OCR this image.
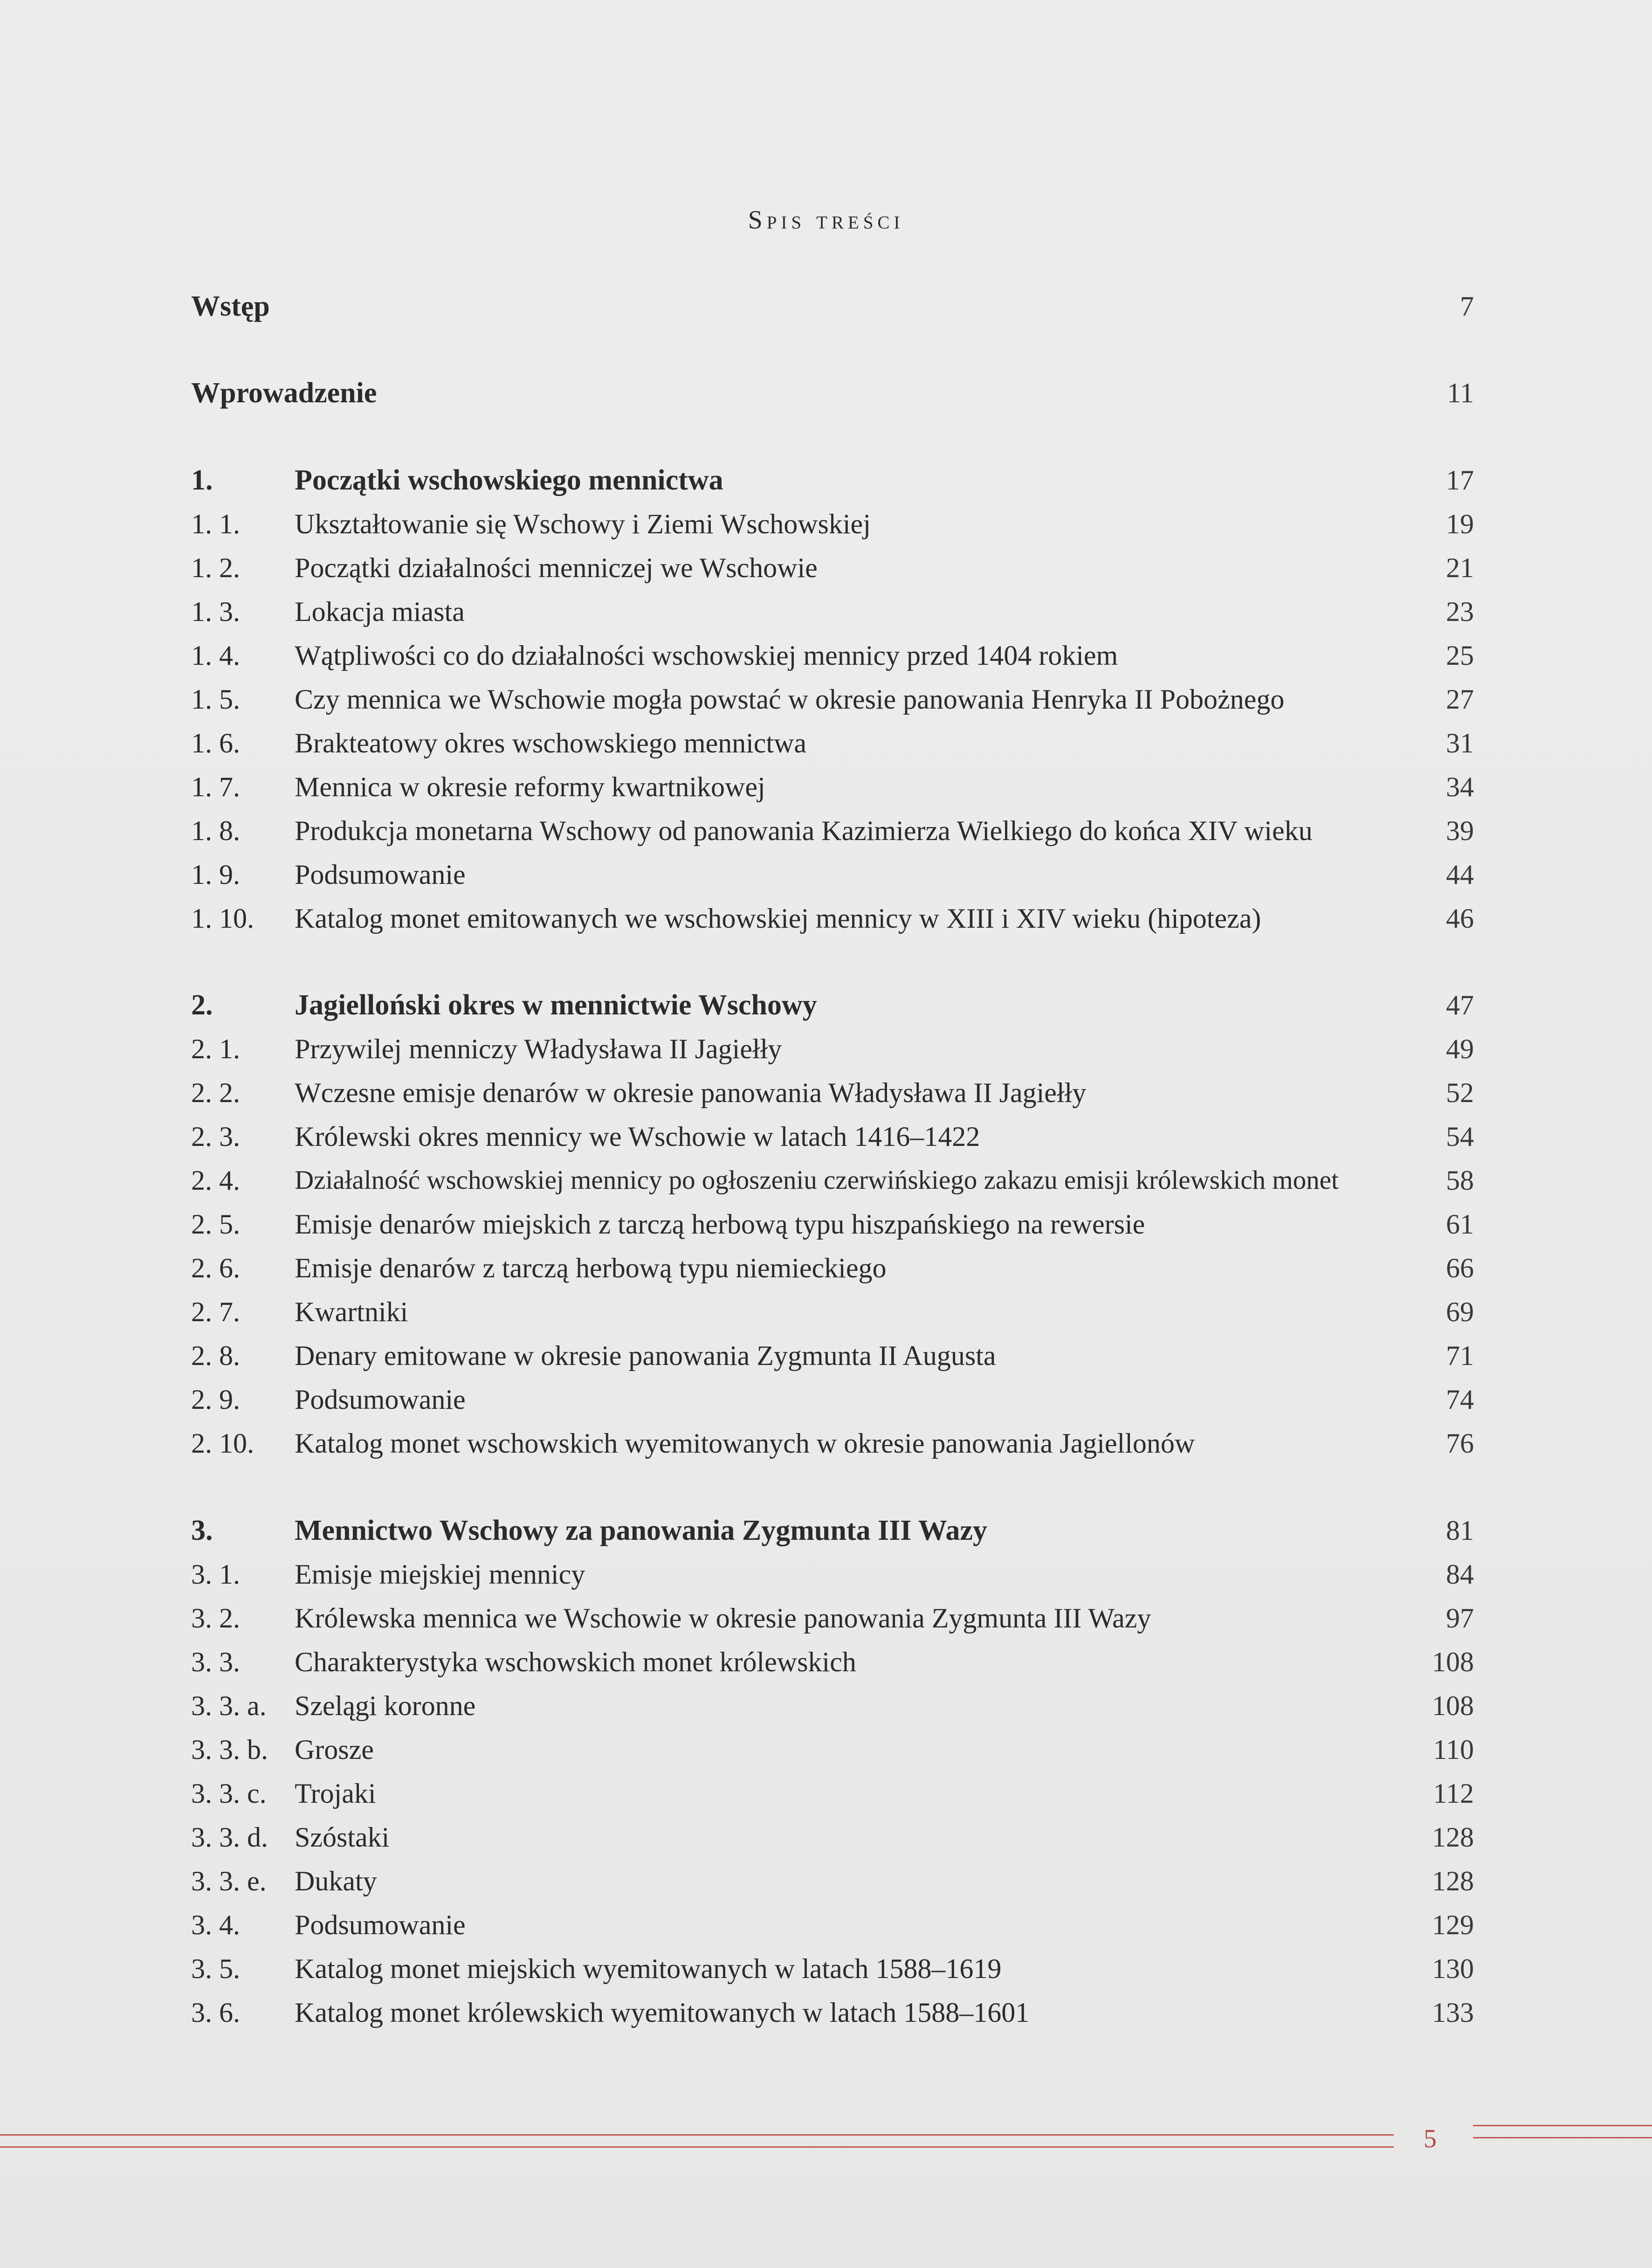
Spis treści
Wstęp	7
Wprowadzenie	11
1.	Początki wschowskiego mennictwa	17
1. 1. Ukształtowanie się Wschowy i Ziemi Wschowskiej	19
1. 2. Początki działalności menniczej we Wschowie	21
1. 3. Lokacja miasta	23
1. 4. Wątpliwości co do działalności wschowskiej mennicy przed 1404 rokiem	25
1. 5. Czy mennica we Wschowie mogła powstać w okresie panowania Henryka II Pobożnego	27
1. 6. Brakteatowy okres wschowskiego mennictwa	31
1. 7. Mennica w okresie reformy kwartnikowej	34
1. 8. Produkcja monetarna Wschowy od panowania Kazimierza Wielkiego do końca XIV wieku	39
1. 9. Podsumowanie	44
1. 10. Katalog monet emitowanych we wschowskiej mennicy w XIII i XIV wieku (hipoteza)	46
2.	Jagielloński okres w mennictwie Wschowy	47
2. 1. Przywilej menniczy Władysława II Jagiełły	49
2. 2. Wczesne emisje denarów w okresie panowania Władysława II Jagiełły	52
2. 3. Królewski okres mennicy we Wschowie w latach 1416–1422	54
2. 4. Działalność wschowskiej mennicy po ogłoszeniu czerwińskiego zakazu emisji królewskich monet	58
2. 5. Emisje denarów miejskich z tarczą herbową typu hiszpańskiego na rewersie	61
2. 6. Emisje denarów z tarczą herbową typu niemieckiego	66
2. 7. Kwartniki	69
2. 8. Denary emitowane w okresie panowania Zygmunta II Augusta	71
2. 9. Podsumowanie	74
2. 10. Katalog monet wschowskich wyemitowanych w okresie panowania Jagiellonów	76
3.	Mennictwo Wschowy za panowania Zygmunta III Wazy	81
3. 1. Emisje miejskiej mennicy	84
3. 2. Królewska mennica we Wschowie w okresie panowania Zygmunta III Wazy	97
3. 3. Charakterystyka wschowskich monet królewskich	108
3. 3. a. Szelągi koronne	108
3. 3. b. Grosze	110
3. 3. c. Trojaki	112
3. 3. d. Szóstaki	128
3. 3. e. Dukaty	128
3. 4. Podsumowanie	129
3. 5. Katalog monet miejskich wyemitowanych w latach 1588–1619	130
3. 6. Katalog monet królewskich wyemitowanych w latach 1588–1601	133
5
